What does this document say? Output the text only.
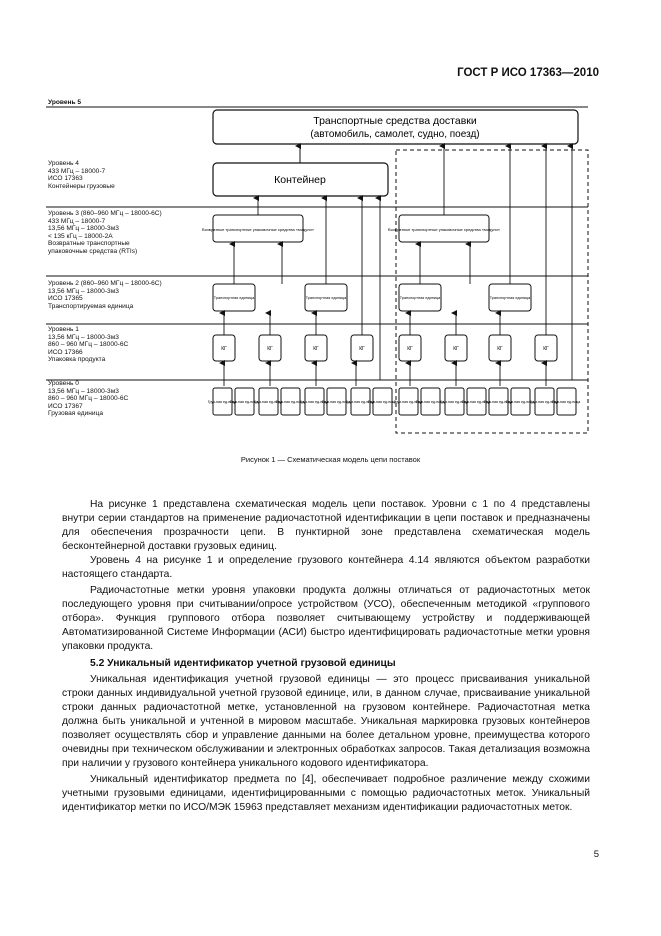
ГОСТ Р ИСО 17363—2010
Уровень 5
Уровень 4
433 МГц – 18000-7
ИСО 17363
Контейнеры грузовые
Уровень 3 (860–960 МГц – 18000-6С)
433 МГц – 18000-7
13,56 МГц – 18000-3м3
< 135 кГц – 18000-2А
Возвратные транспортные
упаковочные средства (RTIs)
Уровень 2 (860–960 МГц – 18000-6С)
13,56 МГц – 18000-3м3
ИСО 17365
Транспортируемая единица
Уровень 1
13,56 МГц – 18000-3м3
860 – 960 МГц – 18000-6С
ИСО 17366
Упаковка продукта
Уровень 0
13,56 МГц – 18000-3м3
860 – 960 МГц – 18000-6С
ИСО 17367
Грузовая единица
Транспортные средства доставки
(автомобиль, самолет, судно, поезд)
Контейнер
Возвратные транспортные упаковочные средства «модули»	Возвратные транспортные упаковочные средства «модули»
Транспортная единица	Транспортная единица	Транспортная единица	Транспортная единица
КГ	КГ	КГ	КГ	КГ	КГ	КГ	КГ
Груз-ная ед-ница
Груз-ная ед-ница
Груз-ная ед-ница
Груз-ная ед-ница
Груз-ная ед-ница
Груз-ная ед-ница
Груз-ная ед-ница
Груз-ная ед-ница
Груз-ная ед-ница
Груз-ная ед-ница
Груз-ная ед-ница
Груз-ная ед-ница
Груз-ная ед-ница
Груз-ная ед-ница
Груз-ная ед-ница
Груз-ная ед-ница
Рисунок 1 — Схематическая модель цепи поставок

На рисунке 1 представлена схематическая модель цепи поставок. Уровни с 1 по 4 представлены внутри серии стандартов на применение радиочастотной идентификации в цепи поставок и предназначены для обеспечения прозрачности цепи. В пунктирной зоне представлена схематическая модель бесконтейнерной доставки грузовых единиц.

Уровень 4 на рисунке 1 и определение грузового контейнера 4.14 являются объектом разработки настоящего стандарта.

Радиочастотные метки уровня упаковки продукта должны отличаться от радиочастотных меток последующего уровня при считывании/опросе устройством (УСО), обеспеченным методикой «группового отбора». Функция группового отбора позволяет считывающему устройству и поддерживающей Автоматизированной Системе Информации (АСИ) быстро идентифицировать радиочастотные метки уровня упаковки продукта.

5.2 Уникальный идентификатор учетной грузовой единицы

Уникальная идентификация учетной грузовой единицы — это процесс присваивания уникальной строки данных индивидуальной учетной грузовой единице, или, в данном случае, присваивание уникальной строки данных радиочастотной метке, установленной на грузовом контейнере. Радиочастотная метка должна быть уникальной и учтенной в мировом масштабе. Уникальная маркировка грузовых контейнеров позволяет осуществлять сбор и управление данными на более детальном уровне, преимущества которого очевидны при техническом обслуживании и электронных обработках запросов. Такая детализация возможна при наличии у грузового контейнера уникального кодового идентификатора.

Уникальный идентификатор предмета по [4], обеспечивает подробное различение между схожими учетными грузовыми единицами, идентифицированными с помощью радиочастотных меток. Уникальный идентификатор метки по ИСО/МЭК 15963 представляет механизм идентификации радиочастотных меток.

5
